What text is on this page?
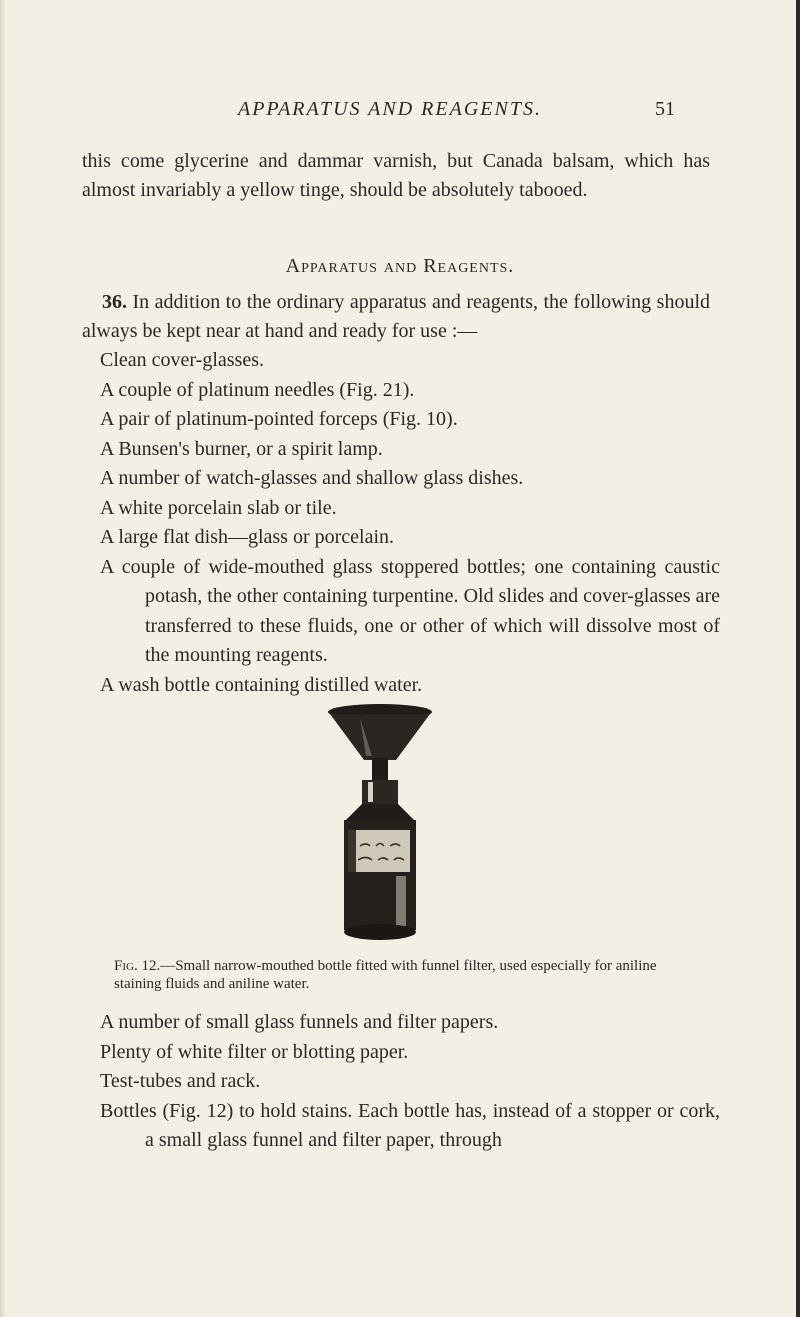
APPARATUS AND REAGENTS.	51

this come glycerine and dammar varnish, but Canada balsam, which has almost invariably a yellow tinge, should be absolutely tabooed.

Apparatus and Reagents.

36. In addition to the ordinary apparatus and reagents, the following should always be kept near at hand and ready for use :—

Clean cover-glasses.
A couple of platinum needles (Fig. 21).
A pair of platinum-pointed forceps (Fig. 10).
A Bunsen's burner, or a spirit lamp.
A number of watch-glasses and shallow glass dishes.
A white porcelain slab or tile.
A large flat dish—glass or porcelain.
A couple of wide-mouthed glass stoppered bottles; one containing caustic potash, the other containing turpentine. Old slides and cover-glasses are transferred to these fluids, one or other of which will dissolve most of the mounting reagents.
A wash bottle containing distilled water.

Fig. 12.—Small narrow-mouthed bottle fitted with funnel filter, used especially for aniline staining fluids and aniline water.

A number of small glass funnels and filter papers.
Plenty of white filter or blotting paper.
Test-tubes and rack.
Bottles (Fig. 12) to hold stains. Each bottle has, instead of a stopper or cork, a small glass funnel and filter paper, through
